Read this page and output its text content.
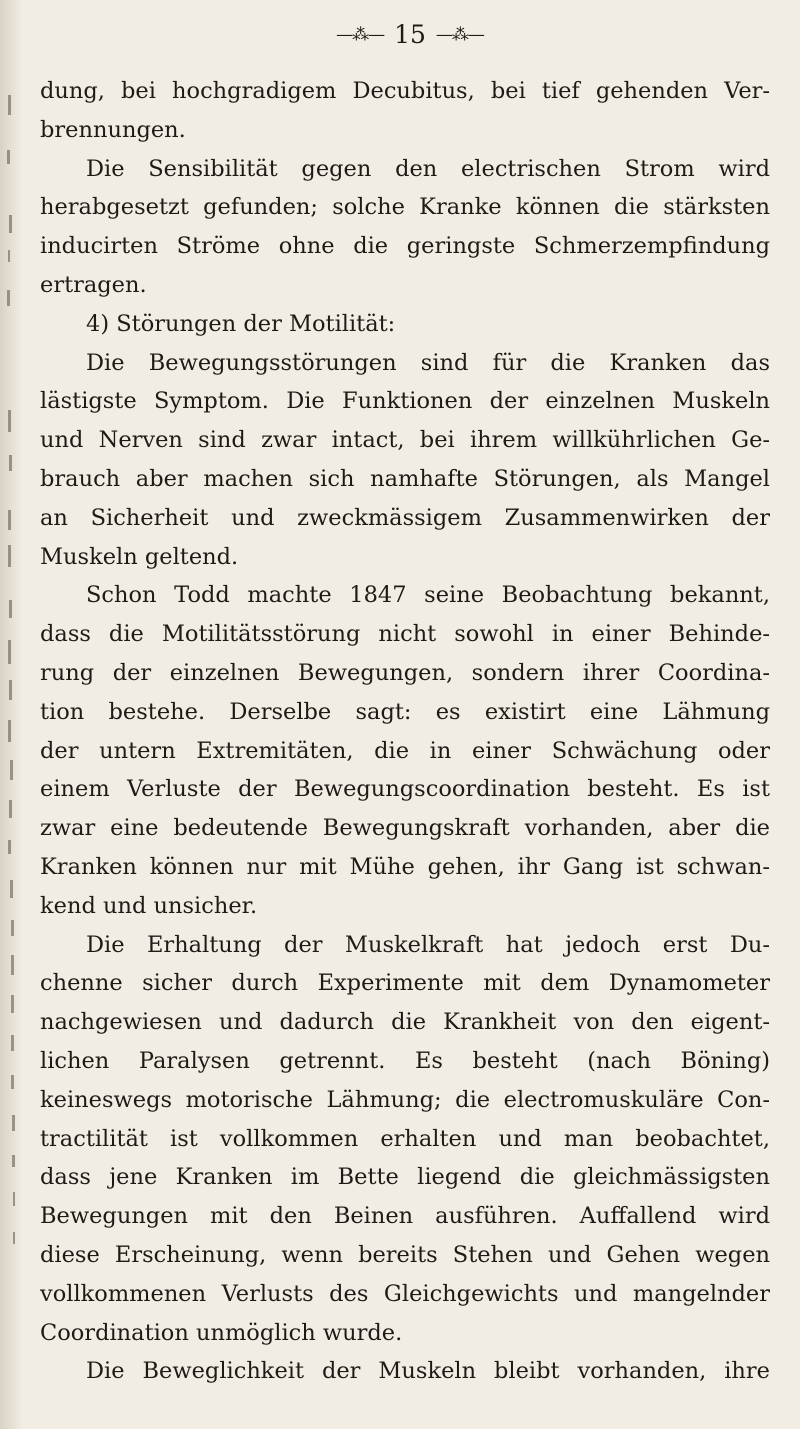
—⁂— 15 —⁂—
dung, bei hochgradigem Decubitus, bei tief gehenden Ver-
brennungen.
Die Sensibilität gegen den electrischen Strom wird
herabgesetzt gefunden; solche Kranke können die stärksten
inducirten Ströme ohne die geringste Schmerzempfindung
ertragen.
4) Störungen der Motilität:
Die Bewegungsstörungen sind für die Kranken das
lästigste Symptom. Die Funktionen der einzelnen Muskeln
und Nerven sind zwar intact, bei ihrem willkührlichen Ge-
brauch aber machen sich namhafte Störungen, als Mangel
an Sicherheit und zweckmässigem Zusammenwirken der
Muskeln geltend.
Schon Todd machte 1847 seine Beobachtung bekannt,
dass die Motilitätsstörung nicht sowohl in einer Behinde-
rung der einzelnen Bewegungen, sondern ihrer Coordina-
tion bestehe. Derselbe sagt: es existirt eine Lähmung
der untern Extremitäten, die in einer Schwächung oder
einem Verluste der Bewegungscoordination besteht. Es ist
zwar eine bedeutende Bewegungskraft vorhanden, aber die
Kranken können nur mit Mühe gehen, ihr Gang ist schwan-
kend und unsicher.
Die Erhaltung der Muskelkraft hat jedoch erst Du-
chenne sicher durch Experimente mit dem Dynamometer
nachgewiesen und dadurch die Krankheit von den eigent-
lichen Paralysen getrennt. Es besteht (nach Böning)
keineswegs motorische Lähmung; die electromuskuläre Con-
tractilität ist vollkommen erhalten und man beobachtet,
dass jene Kranken im Bette liegend die gleichmässigsten
Bewegungen mit den Beinen ausführen. Auffallend wird
diese Erscheinung, wenn bereits Stehen und Gehen wegen
vollkommenen Verlusts des Gleichgewichts und mangelnder
Coordination unmöglich wurde.
Die Beweglichkeit der Muskeln bleibt vorhanden, ihre
